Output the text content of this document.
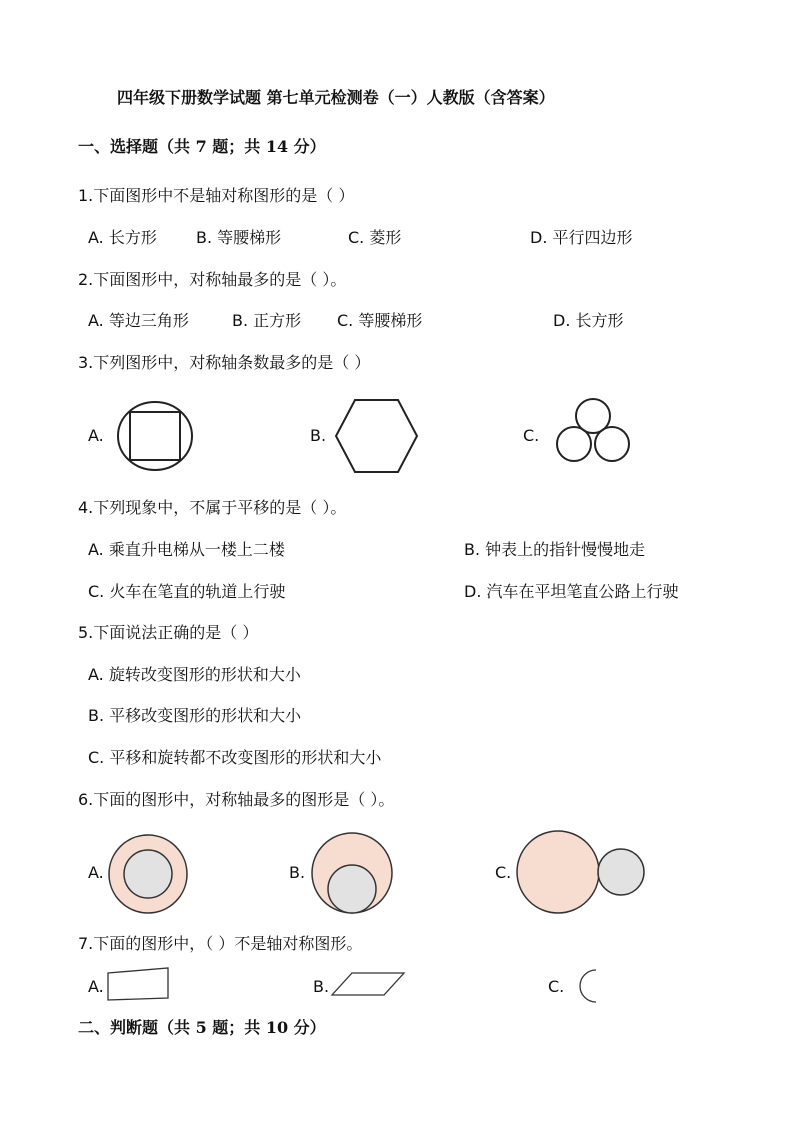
四年级下册数学试题 第七单元检测卷（一）人教版（含答案）
一、选择题（共 7 题；共 14 分）
1.下面图形中不是轴对称图形的是（ ）
A. 长方形 B. 等腰梯形	C. 菱形	D. 平行四边形
2.下面图形中，对称轴最多的是（ ）。
A. 等边三角形	B. 正方形 C. 等腰梯形	D. 长方形
3.下列图形中，对称轴条数最多的是（ ）
A.	B.	C.
4.下列现象中，不属于平移的是（ ）。
A. 乘直升电梯从一楼上二楼	B. 钟表上的指针慢慢地走
C. 火车在笔直的轨道上行驶	D. 汽车在平坦笔直公路上行驶
5.下面说法正确的是（ ）
A. 旋转改变图形的形状和大小
B. 平移改变图形的形状和大小
C. 平移和旋转都不改变图形的形状和大小
6.下面的图形中，对称轴最多的图形是（ ）。
A.	B.	C.
7.下面的图形中，（ ）不是轴对称图形。
A.	B.	C.
二、判断题（共 5 题；共 10 分）
